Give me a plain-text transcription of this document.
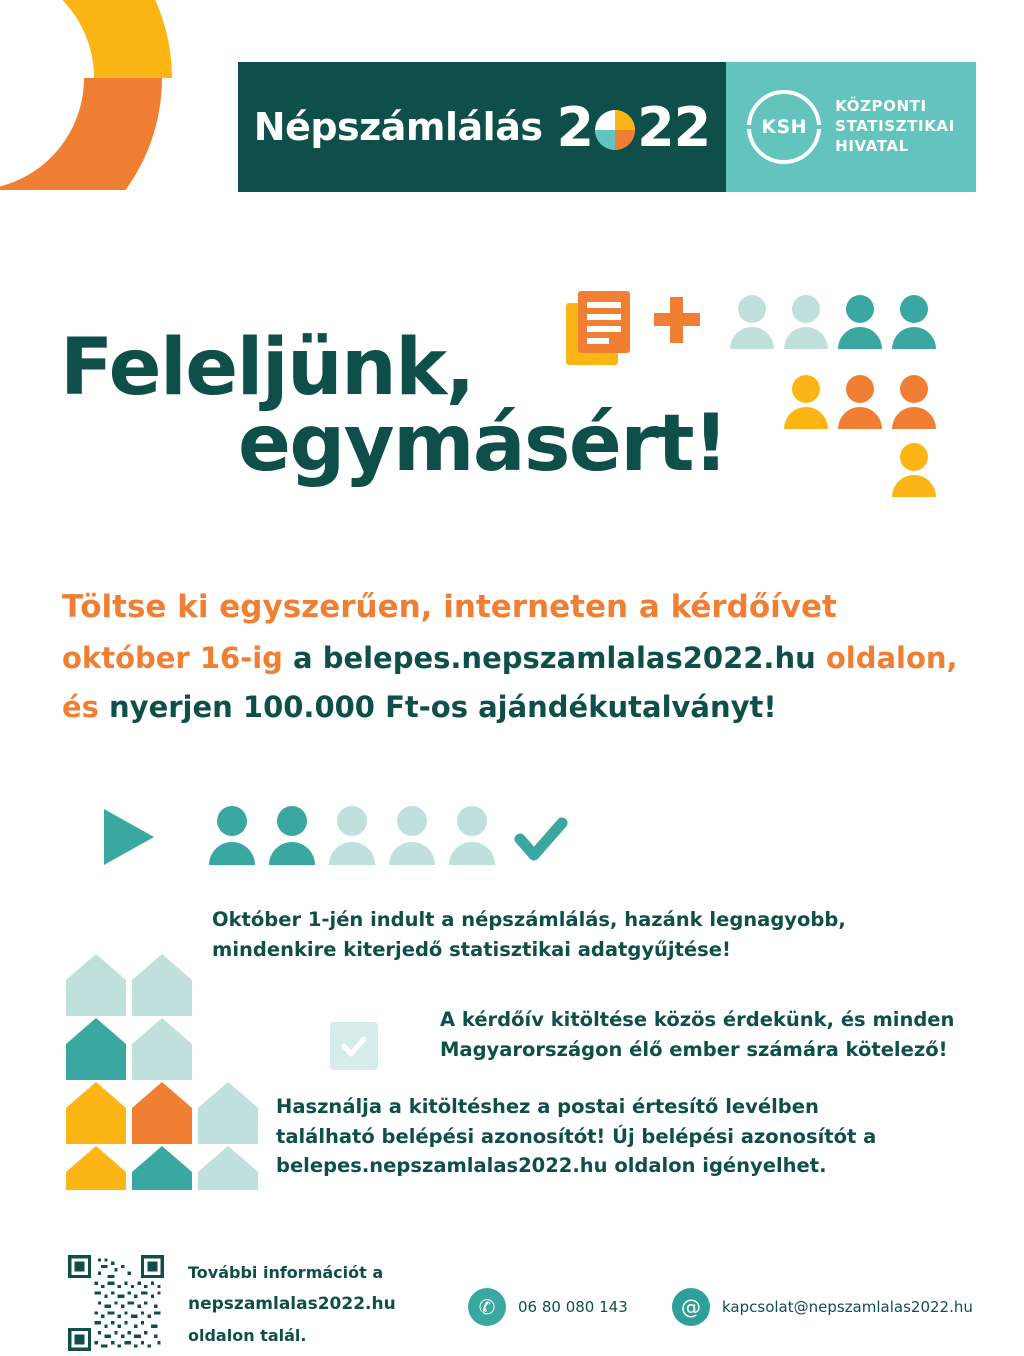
Népszámlálás 2 22	KSH
KÖZPONTI
STATISZTIKAI
HIVATAL
Feleljünk,
egymásért!
Töltse ki egyszerűen, interneten a kérdőívet
október 16-ig a belepes.nepszamlalas2022.hu oldalon,
és nyerjen 100.000 Ft-os ajándékutalványt!
Október 1-jén indult a népszámlálás, hazánk legnagyobb, mindenkire kiterjedő statisztikai adatgyűjtése!
A kérdőív kitöltése közös érdekünk, és minden Magyarországon élő ember számára kötelező!
Használja a kitöltéshez a postai értesítő levélben található belépési azonosítót! Új belépési azonosítót a belepes.nepszamlalas2022.hu oldalon igényelhet.
További információt a
nepszamlalas2022.hu
oldalon talál.
✆	06 80 080 143	@	kapcsolat@nepszamlalas2022.hu
